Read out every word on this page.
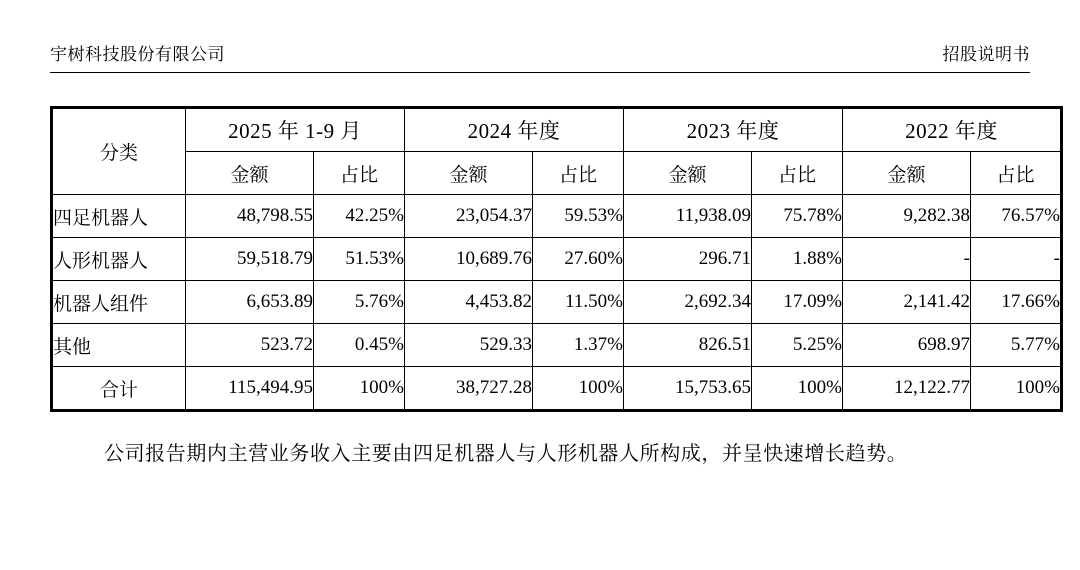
宇树科技股份有限公司	招股说明书
分类	2025 年 1-9 月		2024 年度		2023 年度		2022 年度	
	金额	占比	金额	占比	金额	占比	金额	占比
四足机器人	48,798.55	42.25%	23,054.37	59.53%	11,938.09	75.78%	9,282.38	76.57%
人形机器人	59,518.79	51.53%	10,689.76	27.60%	296.71	1.88%	-	-
机器人组件	6,653.89	5.76%	4,453.82	11.50%	2,692.34	17.09%	2,141.42	17.66%
其他	523.72	0.45%	529.33	1.37%	826.51	5.25%	698.97	5.77%
合计	115,494.95	100%	38,727.28	100%	15,753.65	100%	12,122.77	100%

公司报告期内主营业务收入主要由四足机器人与人形机器人所构成，并呈快速增长趋势。
